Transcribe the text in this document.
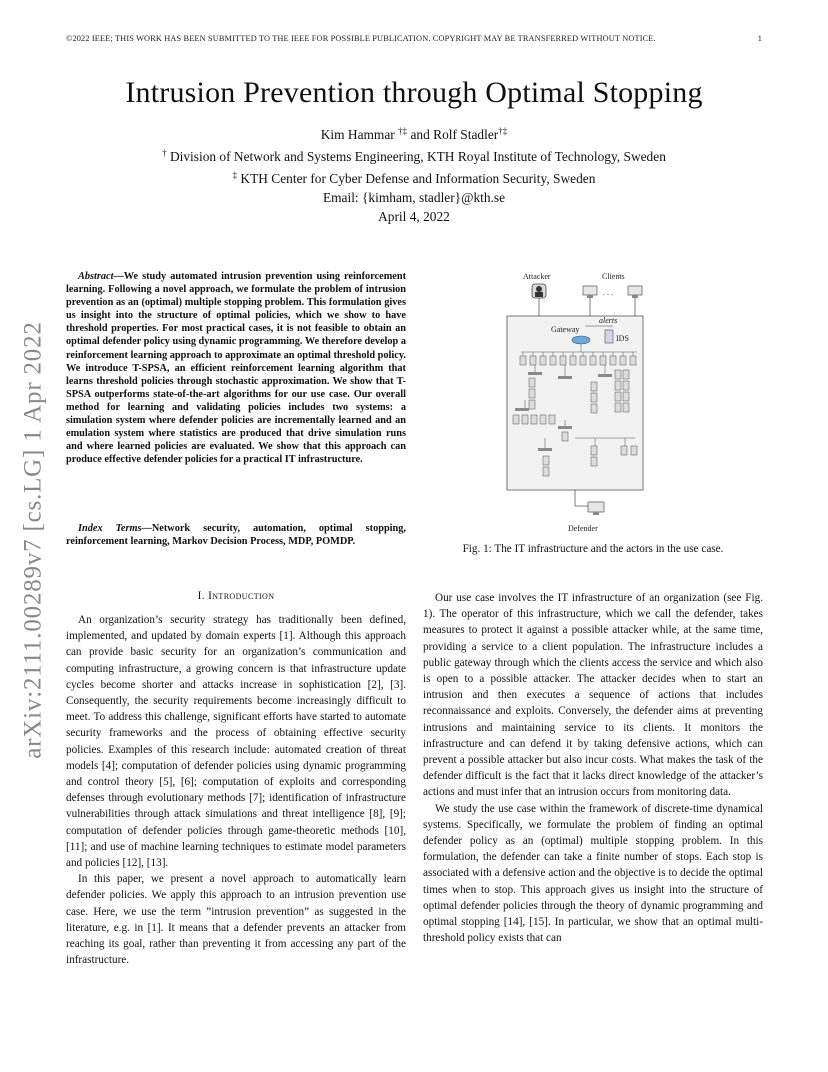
©2022 IEEE; THIS WORK HAS BEEN SUBMITTED TO THE IEEE FOR POSSIBLE PUBLICATION. COPYRIGHT MAY BE TRANSFERRED WITHOUT NOTICE.	1
Intrusion Prevention through Optimal Stopping
Kim Hammar †‡ and Rolf Stadler†‡
† Division of Network and Systems Engineering, KTH Royal Institute of Technology, Sweden
‡ KTH Center for Cyber Defense and Information Security, Sweden
Email: {kimham, stadler}@kth.se
April 4, 2022
arXiv:2111.00289v7 [cs.LG] 1 Apr 2022
Abstract—We study automated intrusion prevention using reinforcement learning. Following a novel approach, we formulate the problem of intrusion prevention as an (optimal) multiple stopping problem. This formulation gives us insight into the structure of optimal policies, which we show to have threshold properties. For most practical cases, it is not feasible to obtain an optimal defender policy using dynamic programming. We therefore develop a reinforcement learning approach to approximate an optimal threshold policy. We introduce T-SPSA, an efficient reinforcement learning algorithm that learns threshold policies through stochastic approximation. We show that T-SPSA outperforms state-of-the-art algorithms for our use case. Our overall method for learning and validating policies includes two systems: a simulation system where defender policies are incrementally learned and an emulation system where statistics are produced that drive simulation runs and where learned policies are evaluated. We show that this approach can produce effective defender policies for a practical IT infrastructure.
Index Terms—Network security, automation, optimal stopping, reinforcement learning, Markov Decision Process, MDP, POMDP.
I. Introduction

An organization’s security strategy has traditionally been defined, implemented, and updated by domain experts [1]. Although this approach can provide basic security for an organization’s communication and computing infrastructure, a growing concern is that infrastructure update cycles become shorter and attacks increase in sophistication [2], [3]. Consequently, the security requirements become increasingly difficult to meet. To address this challenge, significant efforts have started to automate security frameworks and the process of obtaining effective security policies. Examples of this research include: automated creation of threat models [4]; computation of defender policies using dynamic programming and control theory [5], [6]; computation of exploits and corresponding defenses through evolutionary methods [7]; identification of infrastructure vulnerabilities through attack simulations and threat intelligence [8], [9]; computation of defender policies through game-theoretic methods [10], [11]; and use of machine learning techniques to estimate model parameters and policies [12], [13].

In this paper, we present a novel approach to automatically learn defender policies. We apply this approach to an intrusion prevention use case. Here, we use the term ”intrusion prevention” as suggested in the literature, e.g. in [1]. It means that a defender prevents an attacker from reaching its goal, rather than preventing it from accessing any part of the infrastructure.

Attacker	Clients
. . .
alerts
Gateway
IDS
Defender
Fig. 1: The IT infrastructure and the actors in the use case.

Our use case involves the IT infrastructure of an organization (see Fig. 1). The operator of this infrastructure, which we call the defender, takes measures to protect it against a possible attacker while, at the same time, providing a service to a client population. The infrastructure includes a public gateway through which the clients access the service and which also is open to a possible attacker. The attacker decides when to start an intrusion and then executes a sequence of actions that includes reconnaissance and exploits. Conversely, the defender aims at preventing intrusions and maintaining service to its clients. It monitors the infrastructure and can defend it by taking defensive actions, which can prevent a possible attacker but also incur costs. What makes the task of the defender difficult is the fact that it lacks direct knowledge of the attacker’s actions and must infer that an intrusion occurs from monitoring data.

We study the use case within the framework of discrete-time dynamical systems. Specifically, we formulate the problem of finding an optimal defender policy as an (optimal) multiple stopping problem. In this formulation, the defender can take a finite number of stops. Each stop is associated with a defensive action and the objective is to decide the optimal times when to stop. This approach gives us insight into the structure of optimal defender policies through the theory of dynamic programming and optimal stopping [14], [15]. In particular, we show that an optimal multi-threshold policy exists that can
